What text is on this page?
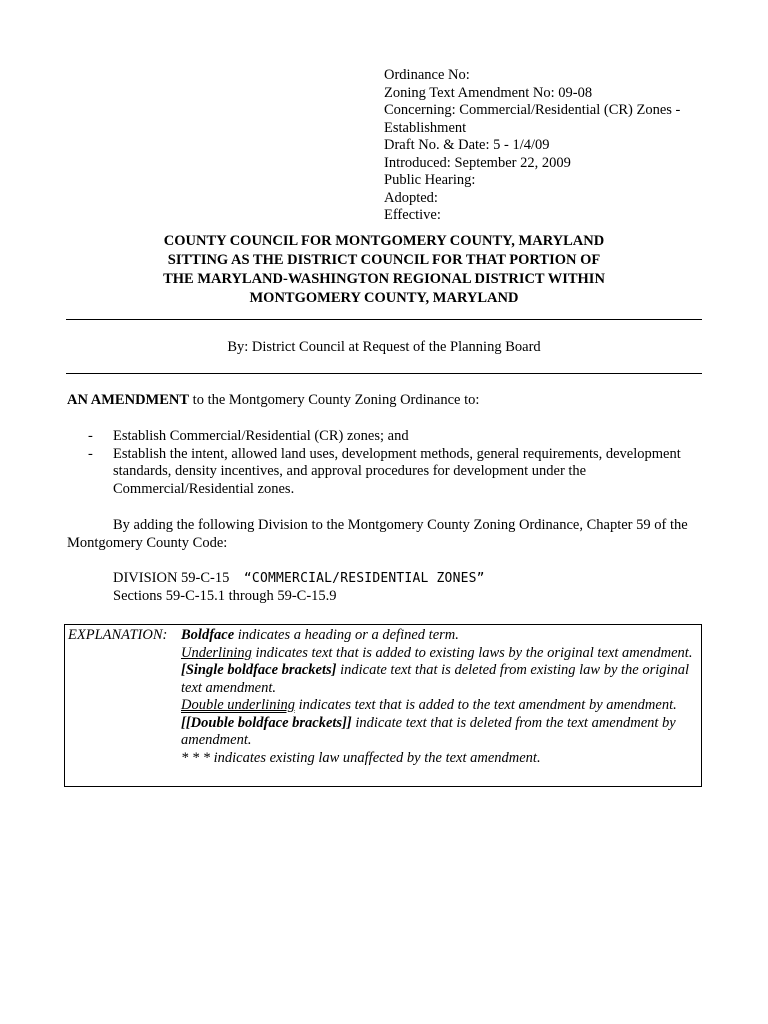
Ordinance No:
Zoning Text Amendment No: 09-08
Concerning: Commercial/Residential (CR) Zones -
Establishment
Draft No. & Date: 5 - 1/4/09
Introduced: September 22, 2009
Public Hearing:
Adopted:
Effective:
COUNTY COUNCIL FOR MONTGOMERY COUNTY, MARYLAND
SITTING AS THE DISTRICT COUNCIL FOR THAT PORTION OF
THE MARYLAND-WASHINGTON REGIONAL DISTRICT WITHIN
MONTGOMERY COUNTY, MARYLAND
By: District Council at Request of the Planning Board
AN AMENDMENT to the Montgomery County Zoning Ordinance to:
- Establish Commercial/Residential (CR) zones; and
- Establish the intent, allowed land uses, development methods, general requirements, development standards, density incentives, and approval procedures for development under the Commercial/Residential zones.
By adding the following Division to the Montgomery County Zoning Ordinance, Chapter 59 of the Montgomery County Code:
DIVISION 59-C-15 “COMMERCIAL/RESIDENTIAL ZONES”
Sections 59-C-15.1 through 59-C-15.9
EXPLANATION: Boldface indicates a heading or a defined term.
Underlining indicates text that is added to existing laws by the original text amendment.
[Single boldface brackets] indicate text that is deleted from existing law by the original text amendment.
Double underlining indicates text that is added to the text amendment by amendment.
[[Double boldface brackets]] indicate text that is deleted from the text amendment by amendment.
* * * indicates existing law unaffected by the text amendment.
